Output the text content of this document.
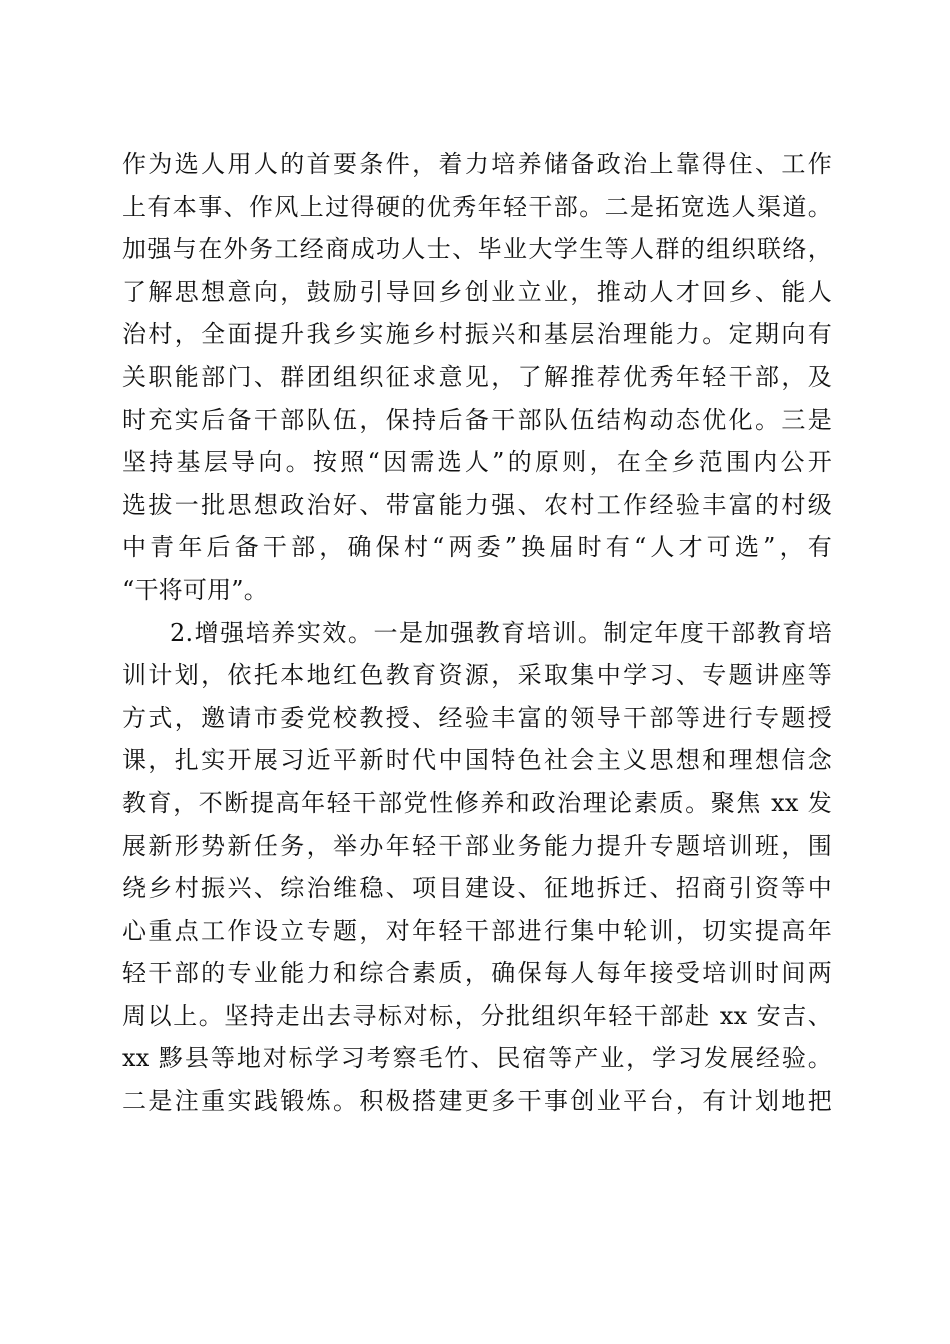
作为选人用人的首要条件，着力培养储备政治上靠得住、工作
上有本事、作风上过得硬的优秀年轻干部。二是拓宽选人渠道。
加强与在外务工经商成功人士、毕业大学生等人群的组织联络，
了解思想意向，鼓励引导回乡创业立业，推动人才回乡、能人
治村，全面提升我乡实施乡村振兴和基层治理能力。定期向有
关职能部门、群团组织征求意见，了解推荐优秀年轻干部，及
时充实后备干部队伍，保持后备干部队伍结构动态优化。三是
坚持基层导向。按照“因需选人”的原则，在全乡范围内公开
选拔一批思想政治好、带富能力强、农村工作经验丰富的村级
中青年后备干部，确保村“两委”换届时有“人才可选”，有
“干将可用”。
2.增强培养实效。一是加强教育培训。制定年度干部教育培
训计划，依托本地红色教育资源，采取集中学习、专题讲座等
方式，邀请市委党校教授、经验丰富的领导干部等进行专题授
课，扎实开展习近平新时代中国特色社会主义思想和理想信念
教育，不断提高年轻干部党性修养和政治理论素质。聚焦 xx 发
展新形势新任务，举办年轻干部业务能力提升专题培训班，围
绕乡村振兴、综治维稳、项目建设、征地拆迁、招商引资等中
心重点工作设立专题，对年轻干部进行集中轮训，切实提高年
轻干部的专业能力和综合素质，确保每人每年接受培训时间两
周以上。坚持走出去寻标对标，分批组织年轻干部赴 xx 安吉、
xx 黟县等地对标学习考察毛竹、民宿等产业，学习发展经验。
二是注重实践锻炼。积极搭建更多干事创业平台，有计划地把
